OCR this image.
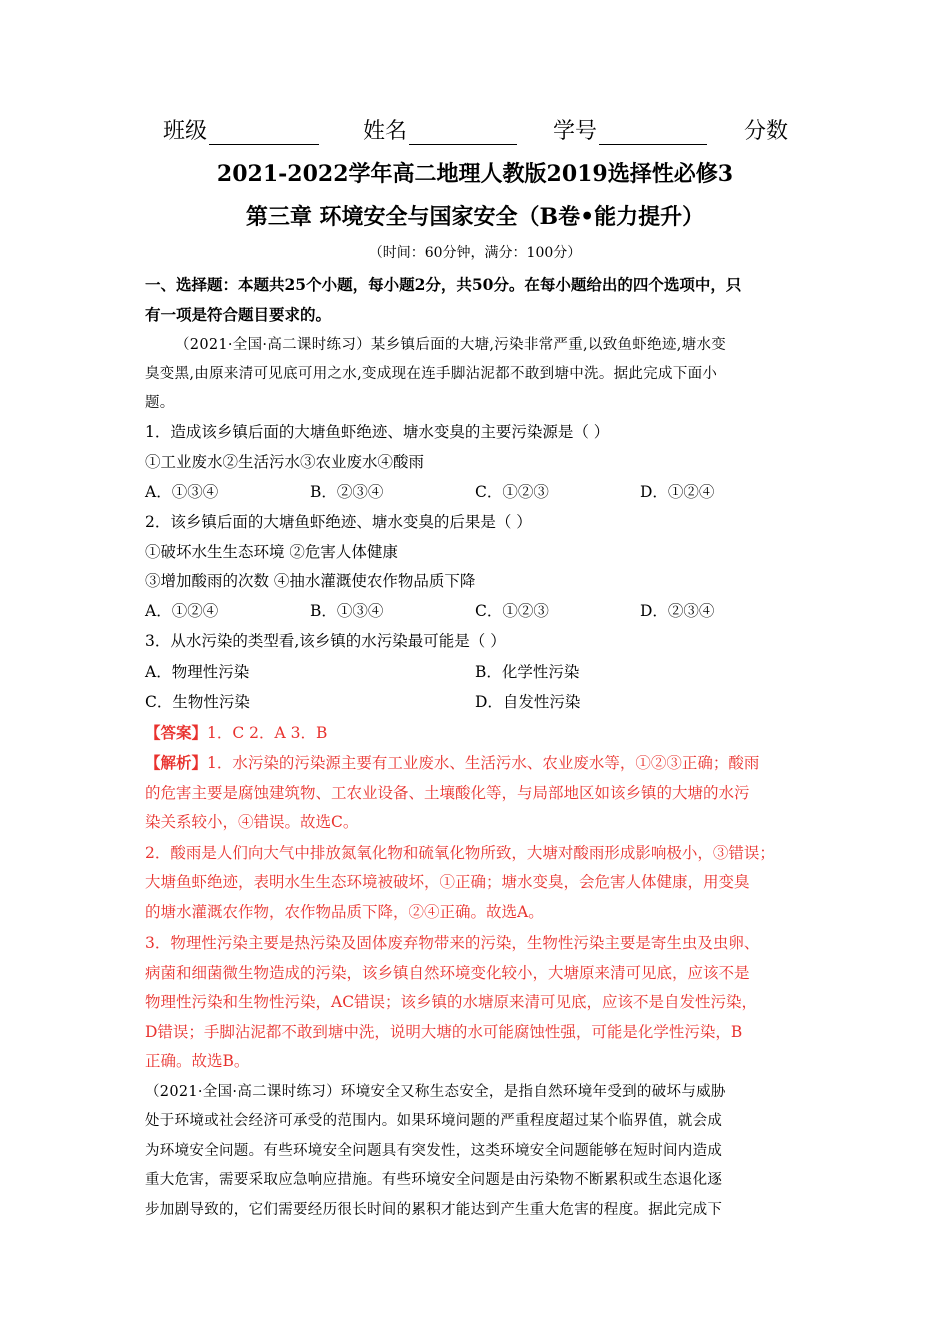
班级	姓名	学号	分数
2021-2022学年高二地理人教版2019选择性必修3
第三章 环境安全与国家安全（B卷•能力提升）
（时间：60分钟，满分：100分）
一、选择题：本题共25个小题，每小题2分，共50分。在每小题给出的四个选项中，只
有一项是符合题目要求的。
（2021·全国·高二课时练习）某乡镇后面的大塘,污染非常严重,以致鱼虾绝迹,塘水变
臭变黑,由原来清可见底可用之水,变成现在连手脚沾泥都不敢到塘中洗。据此完成下面小
题。
1．造成该乡镇后面的大塘鱼虾绝迹、塘水变臭的主要污染源是（ ）
①工业废水②生活污水③农业废水④酸雨
A．①③④	B．②③④	C．①②③	D．①②④
2．该乡镇后面的大塘鱼虾绝迹、塘水变臭的后果是（ ）
①破坏水生生态环境 ②危害人体健康
③增加酸雨的次数 ④抽水灌溉使农作物品质下降
A．①②④	B．①③④	C．①②③	D．②③④
3．从水污染的类型看,该乡镇的水污染最可能是（ ）
A．物理性污染	B．化学性污染
C．生物性污染	D．自发性污染
【答案】1．C 2．A 3．B
【解析】1．水污染的污染源主要有工业废水、生活污水、农业废水等，①②③正确；酸雨
的危害主要是腐蚀建筑物、工农业设备、土壤酸化等，与局部地区如该乡镇的大塘的水污
染关系较小，④错误。故选C。
2．酸雨是人们向大气中排放氮氧化物和硫氧化物所致，大塘对酸雨形成影响极小，③错误；
大塘鱼虾绝迹，表明水生生态环境被破坏，①正确；塘水变臭，会危害人体健康，用变臭
的塘水灌溉农作物，农作物品质下降，②④正确。故选A。
3．物理性污染主要是热污染及固体废弃物带来的污染，生物性污染主要是寄生虫及虫卵、
病菌和细菌微生物造成的污染，该乡镇自然环境变化较小，大塘原来清可见底，应该不是
物理性污染和生物性污染，AC错误；该乡镇的水塘原来清可见底，应该不是自发性污染，
D错误；手脚沾泥都不敢到塘中洗，说明大塘的水可能腐蚀性强，可能是化学性污染，B
正确。故选B。
（2021·全国·高二课时练习）环境安全又称生态安全，是指自然环境年受到的破坏与威胁
处于环境或社会经济可承受的范围内。如果环境问题的严重程度超过某个临界值，就会成
为环境安全问题。有些环境安全问题具有突发性，这类环境安全问题能够在短时间内造成
重大危害，需要采取应急响应措施。有些环境安全问题是由污染物不断累积或生态退化逐
步加剧导致的，它们需要经历很长时间的累积才能达到产生重大危害的程度。据此完成下
